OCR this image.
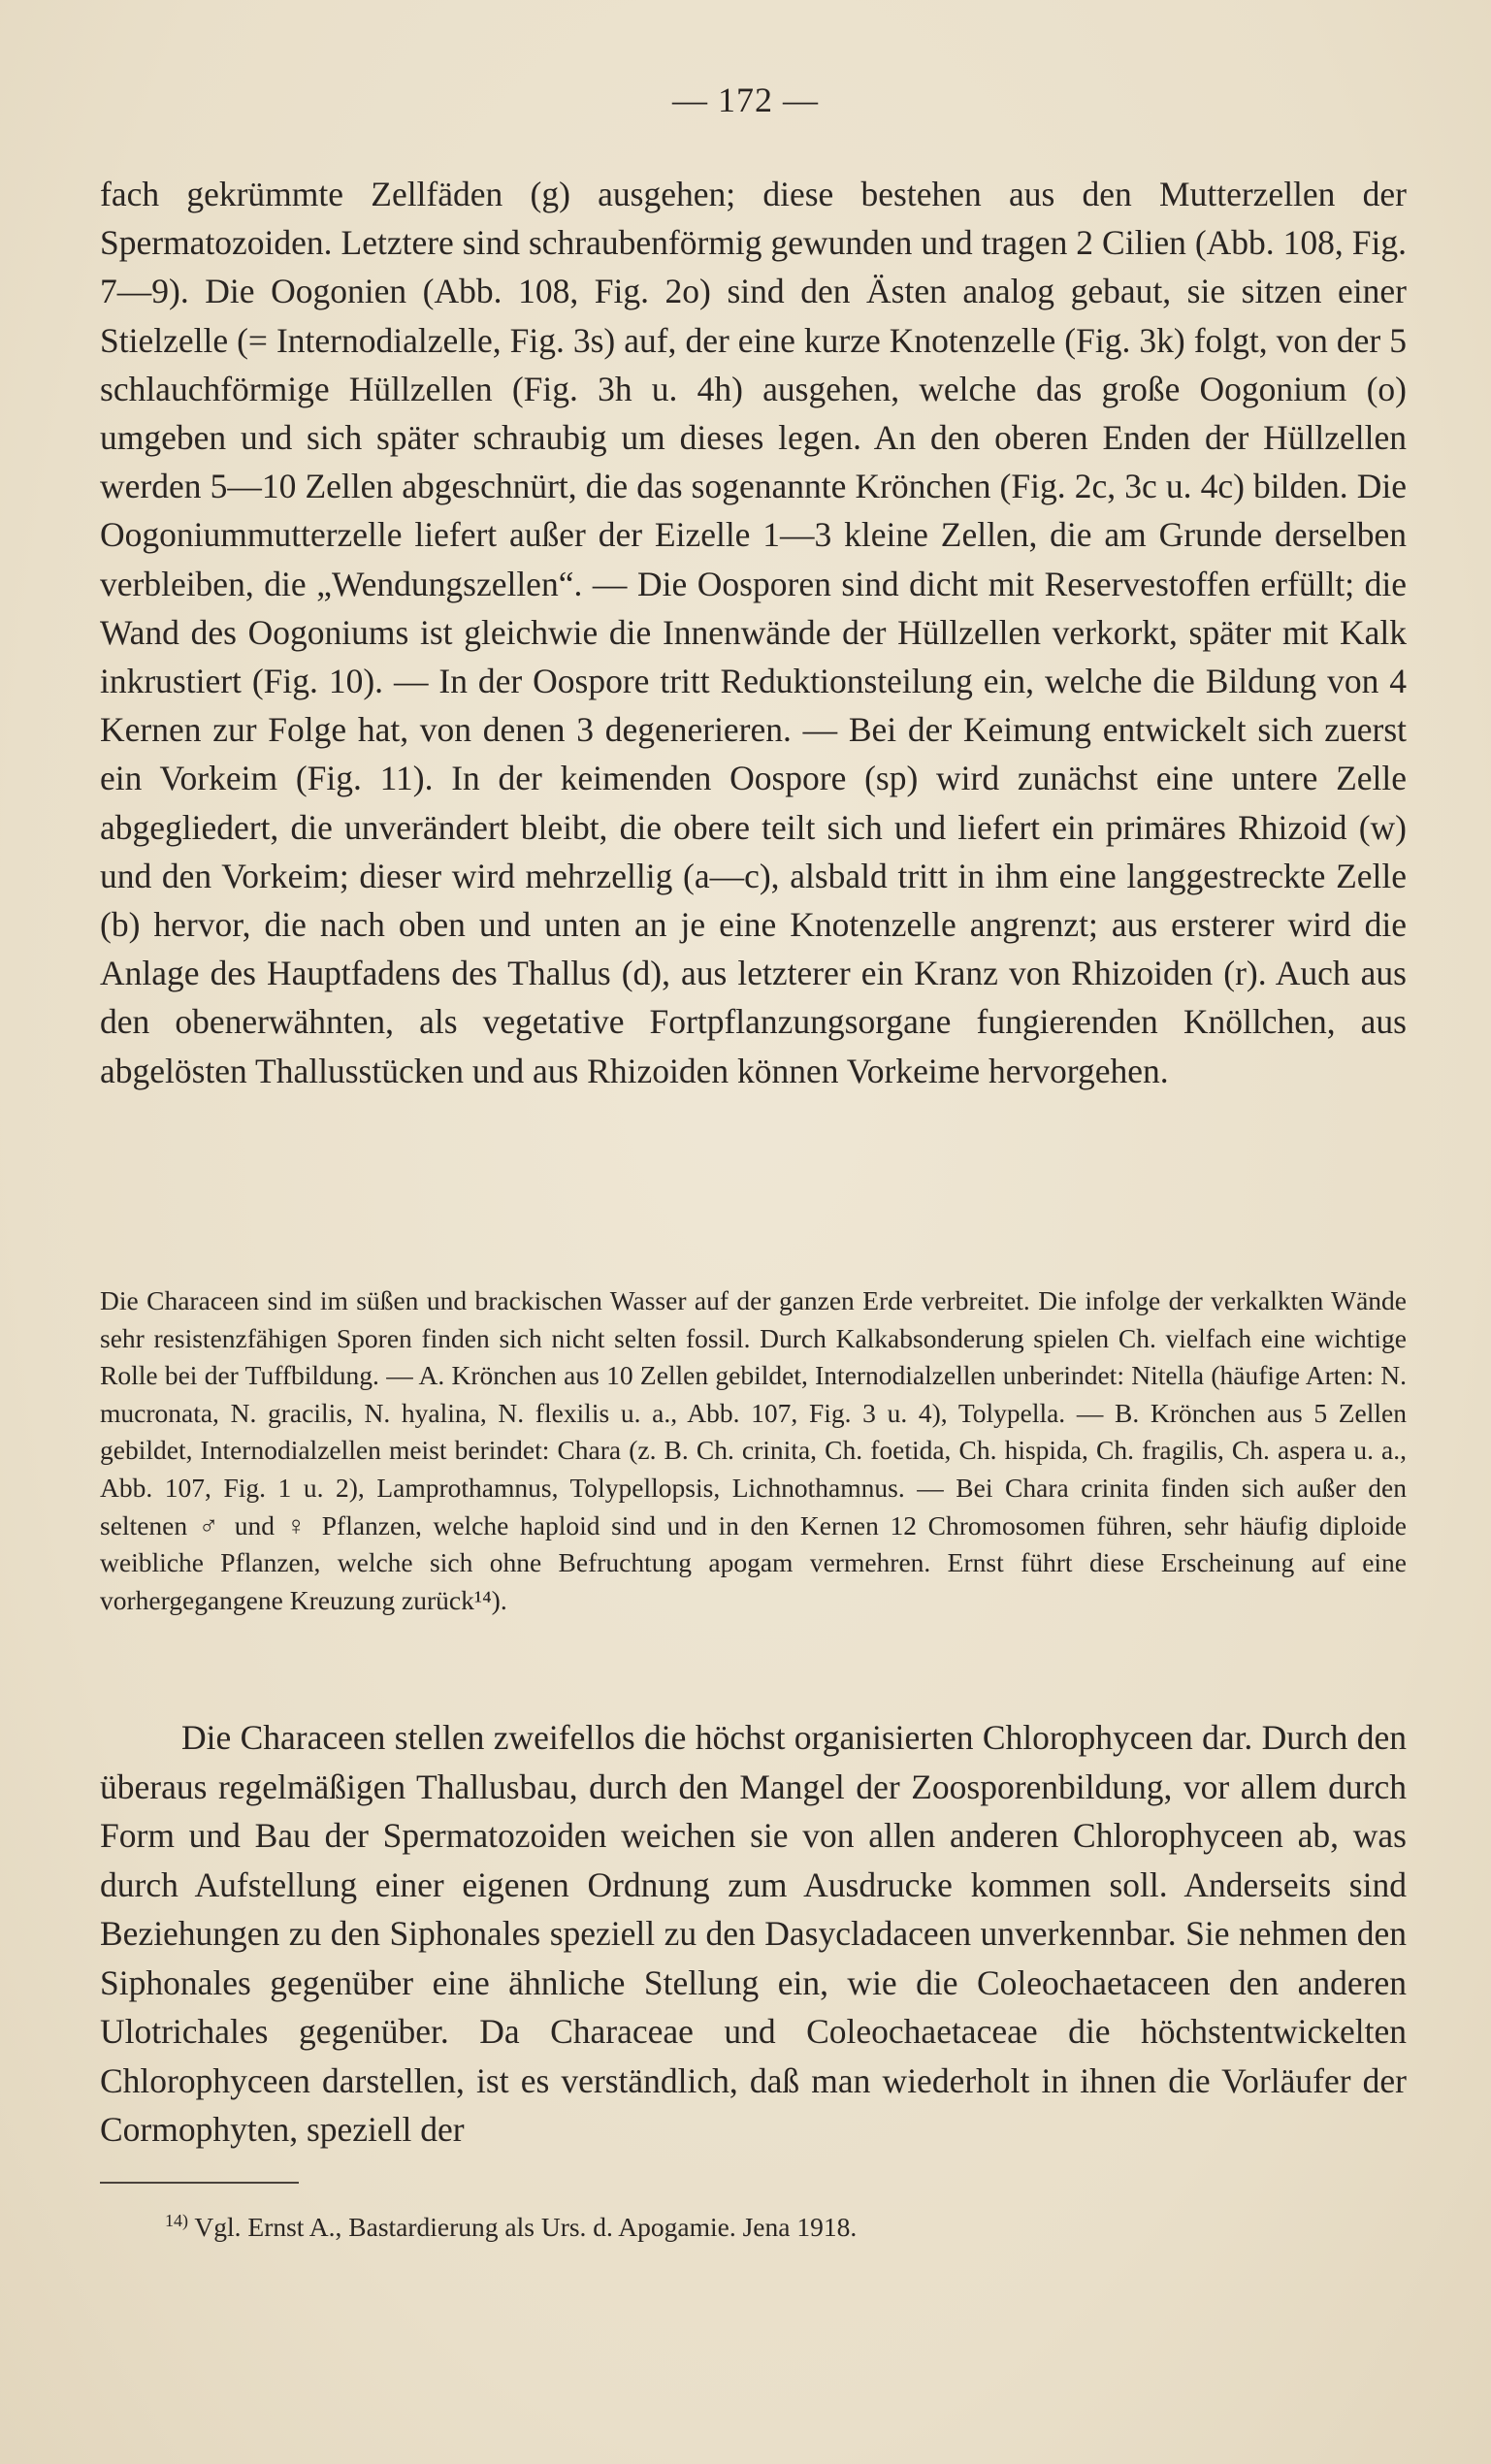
— 172 —

fach gekrümmte Zellfäden (g) ausgehen; diese bestehen aus den Mutterzellen der Spermatozoiden. Letztere sind schraubenförmig gewunden und tragen 2 Cilien (Abb. 108, Fig. 7—9). Die Oogonien (Abb. 108, Fig. 2o) sind den Ästen analog gebaut, sie sitzen einer Stielzelle (= Internodialzelle, Fig. 3s) auf, der eine kurze Knotenzelle (Fig. 3k) folgt, von der 5 schlauchförmige Hüllzellen (Fig. 3h u. 4h) ausgehen, welche das große Oogonium (o) umgeben und sich später schraubig um dieses legen. An den oberen Enden der Hüllzellen werden 5—10 Zellen abgeschnürt, die das sogenannte Krönchen (Fig. 2c, 3c u. 4c) bilden. Die Oogoniummutterzelle liefert außer der Eizelle 1—3 kleine Zellen, die am Grunde derselben verbleiben, die „Wendungszellen“. — Die Oosporen sind dicht mit Reservestoffen erfüllt; die Wand des Oogoniums ist gleichwie die Innenwände der Hüllzellen verkorkt, später mit Kalk inkrustiert (Fig. 10). — In der Oospore tritt Reduktionsteilung ein, welche die Bildung von 4 Kernen zur Folge hat, von denen 3 degenerieren. — Bei der Keimung entwickelt sich zuerst ein Vorkeim (Fig. 11). In der keimenden Oospore (sp) wird zunächst eine untere Zelle abgegliedert, die unverändert bleibt, die obere teilt sich und liefert ein primäres Rhizoid (w) und den Vorkeim; dieser wird mehrzellig (a—c), alsbald tritt in ihm eine langgestreckte Zelle (b) hervor, die nach oben und unten an je eine Knotenzelle angrenzt; aus ersterer wird die Anlage des Hauptfadens des Thallus (d), aus letzterer ein Kranz von Rhizoiden (r). Auch aus den obenerwähnten, als vegetative Fortpflanzungsorgane fungierenden Knöllchen, aus abgelösten Thallusstücken und aus Rhizoiden können Vorkeime hervorgehen.

Die Characeen sind im süßen und brackischen Wasser auf der ganzen Erde verbreitet. Die infolge der verkalkten Wände sehr resistenzfähigen Sporen finden sich nicht selten fossil. Durch Kalkabsonderung spielen Ch. vielfach eine wichtige Rolle bei der Tuffbildung. — A. Krönchen aus 10 Zellen gebildet, Internodialzellen unberindet: Nitella (häufige Arten: N. mucronata, N. gracilis, N. hyalina, N. flexilis u. a., Abb. 107, Fig. 3 u. 4), Tolypella. — B. Krönchen aus 5 Zellen gebildet, Internodialzellen meist berindet: Chara (z. B. Ch. crinita, Ch. foetida, Ch. hispida, Ch. fragilis, Ch. aspera u. a., Abb. 107, Fig. 1 u. 2), Lamprothamnus, Tolypellopsis, Lichnothamnus. — Bei Chara crinita finden sich außer den seltenen ♂ und ♀ Pflanzen, welche haploid sind und in den Kernen 12 Chromosomen führen, sehr häufig diploide weibliche Pflanzen, welche sich ohne Befruchtung apogam vermehren. Ernst führt diese Erscheinung auf eine vorhergegangene Kreuzung zurück¹⁴).

Die Characeen stellen zweifellos die höchst organisierten Chlorophyceen dar. Durch den überaus regelmäßigen Thallusbau, durch den Mangel der Zoosporenbildung, vor allem durch Form und Bau der Spermatozoiden weichen sie von allen anderen Chlorophyceen ab, was durch Aufstellung einer eigenen Ordnung zum Ausdrucke kommen soll. Anderseits sind Beziehungen zu den Siphonales speziell zu den Dasycladaceen unverkennbar. Sie nehmen den Siphonales gegenüber eine ähnliche Stellung ein, wie die Coleochaetaceen den anderen Ulotrichales gegenüber. Da Characeae und Coleochaetaceae die höchstentwickelten Chlorophyceen darstellen, ist es verständlich, daß man wiederholt in ihnen die Vorläufer der Cormophyten, speziell der

$^{14)}$ Vgl. Ernst A., Bastardierung als Urs. d. Apogamie. Jena 1918.
